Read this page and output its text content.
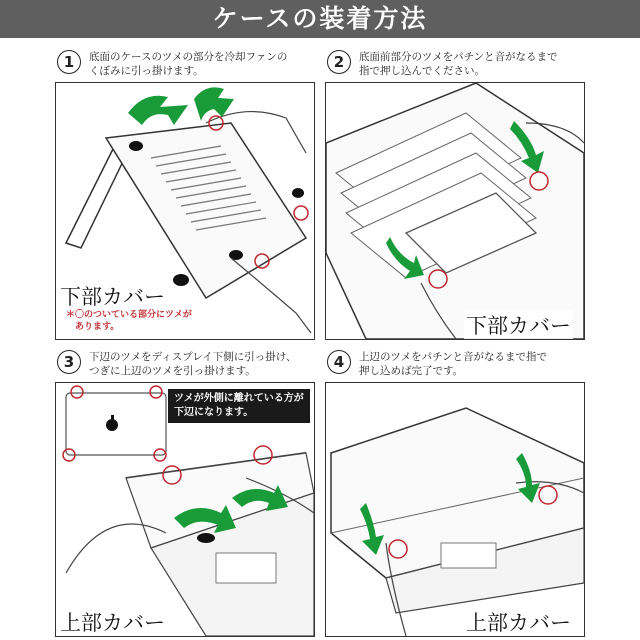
ケースの装着方法
1	底面のケースのツメの部分を冷却ファンの
くぼみに引っ掛けます。
下部カバー
＊〇のついている部分にツメが
　あります。
2	底面前部分のツメをパチンと音がなるまで
指で押し込んでください。
下部カバー
3	下辺のツメをディスプレイ下側に引っ掛け、
つぎに上辺のツメを引っ掛けます。
ツメが外側に離れている方が
下辺になります。
上部カバー
4	上辺のツメをパチンと音がなるまで指で
押し込めば完了です。
上部カバー
